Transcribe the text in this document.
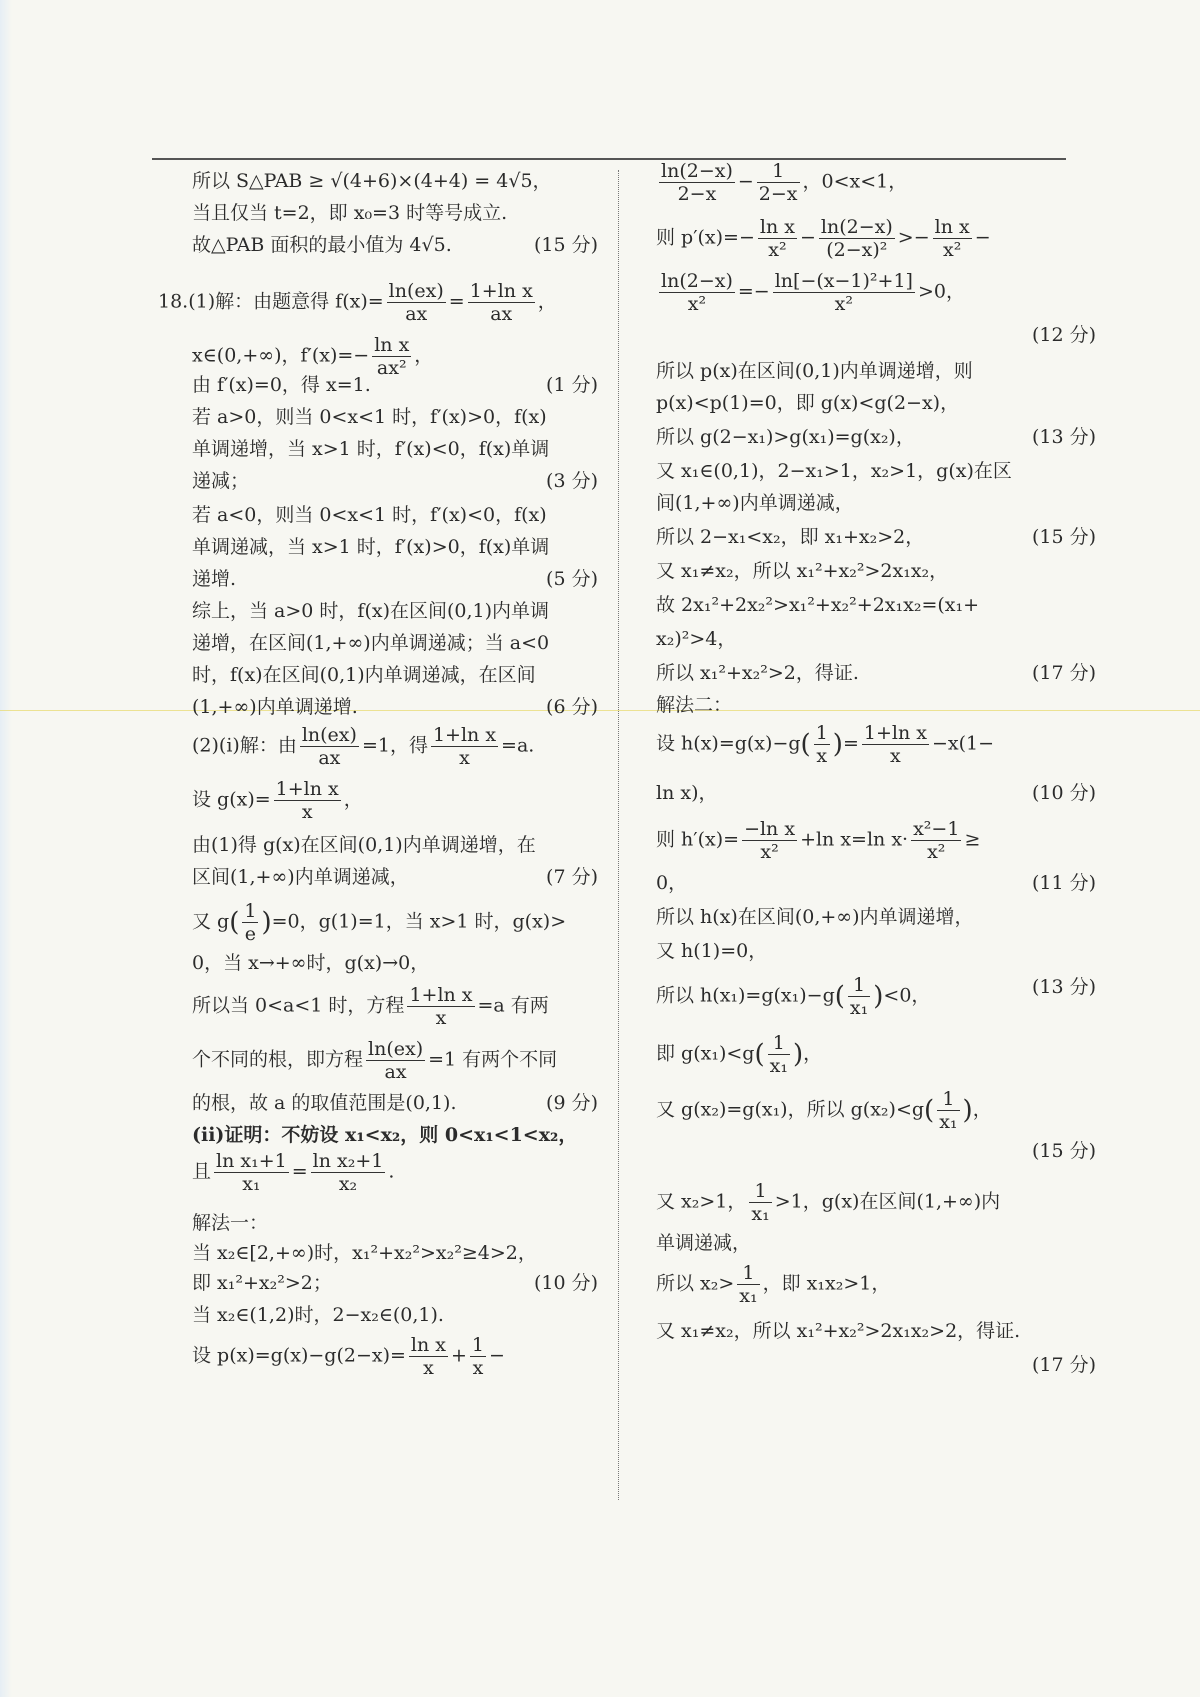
所以 S△PAB ≥ √(4+6)×(4+4) = 4√5，
当且仅当 t=2，即 x₀=3 时等号成立.
故△PAB 面积的最小值为 4√5.	(15 分)
18.(1)解：由题意得 $f(x)= \frac{\ln(ex)}{ax} = \frac{\text{1+ln x}}{ax}$ ，
x∈(0,+∞)，$f'(x)=- \frac{\text{ln x}}{\text{ax²}}$ ，
由 f′(x)=0，得 x=1.	(1 分)
若 a>0，则当 0<x<1 时，f′(x)>0，f(x)
单调递增，当 x>1 时，f′(x)<0，f(x)单调
递减；	(3 分)
若 a<0，则当 0<x<1 时，f′(x)<0，f(x)
单调递减，当 x>1 时，f′(x)>0，f(x)单调
递增.	(5 分)
综上，当 a>0 时，f(x)在区间(0,1)内单调
递增，在区间(1,+∞)内单调递减；当 a<0
时，f(x)在区间(0,1)内单调递减，在区间
(1,+∞)内单调递增.	(6 分)
(2)(i)解：由 $\frac{\ln(ex)}{ax} =1$，得 $\frac{\text{1+ln x}}{x} =a$.
设 $g(x)= \frac{\text{1+ln x}}{x}$ ，
由(1)得 g(x)在区间(0,1)内单调递增，在
区间(1,+∞)内单调递减，	(7 分)
又 $g( \frac{1}{e} )=0$，g(1)=1，当 x>1 时，g(x)>
0，当 x→+∞时，g(x)→0，
所以当 0<a<1 时，方程 $\frac{\text{1+ln x}}{x} =a$ 有两
个不同的根，即方程 $\frac{\ln(ex)}{ax} =1$ 有两个不同
的根，故 a 的取值范围是(0,1).	(9 分)
(ii)证明：不妨设 x₁<x₂，则 0<x₁<1<x₂，
且 $\frac{\text{ln x₁+1}}{\text{x₁}} = \frac{\text{ln x₂+1}}{\text{x₂}}$ .
解法一：
当 x₂∈[2,+∞)时，x₁²+x₂²>x₂²≥4>2，
即 x₁²+x₂²>2；	(10 分)
当 x₂∈(1,2)时，2−x₂∈(0,1).
设 $p(x)=g(x)-g(2-x)= \frac{\text{ln x}}{x} + \frac{1}{x}$ −
$\frac{\ln(2-x)}{2-x} - \frac{1}{2-x}$ ，0<x<1，
则 $p'(x)=- \frac{\text{ln x}}{\text{x²}} - \frac{\ln(2-x)}{\text{(2−x)²}} >- \frac{\text{ln x}}{\text{x²}}$ −
$\frac{\ln(2-x)}{\text{x²}} =- \frac{\text{ln[−(x−1)²+1]}}{\text{x²}} >0$，
(12 分)
所以 p(x)在区间(0,1)内单调递增，则
p(x)<p(1)=0，即 g(x)<g(2−x)，
所以 g(2−x₁)>g(x₁)=g(x₂)，	(13 分)
又 x₁∈(0,1)，2−x₁>1，x₂>1，g(x)在区
间(1,+∞)内单调递减，
所以 2−x₁<x₂，即 x₁+x₂>2，	(15 分)
又 x₁≠x₂，所以 x₁²+x₂²>2x₁x₂，
故 2x₁²+2x₂²>x₁²+x₂²+2x₁x₂=(x₁+
x₂)²>4，
所以 x₁²+x₂²>2，得证.	(17 分)
解法二：
设 $h(x)=g(x)-g( \frac{1}{x}$ )= $\frac{\text{1+ln x}}{x} -x(1-$
ln x)，	(10 分)
则 $h'(x)= \frac{\text{−ln x}}{\text{x²}} +\ln$ x=ln $x\cdot \frac{\text{x²−1}}{\text{x²}}$ ≥
0，	(11 分)
所以 h(x)在区间(0,+∞)内单调递增，
又 h(1)=0，
所以 $h(x_1)=g(x_1)-g( \frac{1}{\text{x₁}} )<0$，	(13 分)
即 $g(x_1)<g( \frac{1}{\text{x₁}}$ )，
又 g(x₂)=g(x₁)，所以 $g(x_2)<g( \frac{1}{\text{x₁}}$ )，
(15 分)
又 x₂>1， $\frac{1}{\text{x₁}} >1$，g(x)在区间(1,+∞)内
单调递减，
所以 $x_2> \frac{1}{\text{x₁}}$ ，即 x₁x₂>1，
又 x₁≠x₂，所以 x₁²+x₂²>2x₁x₂>2，得证.
(17 分)
